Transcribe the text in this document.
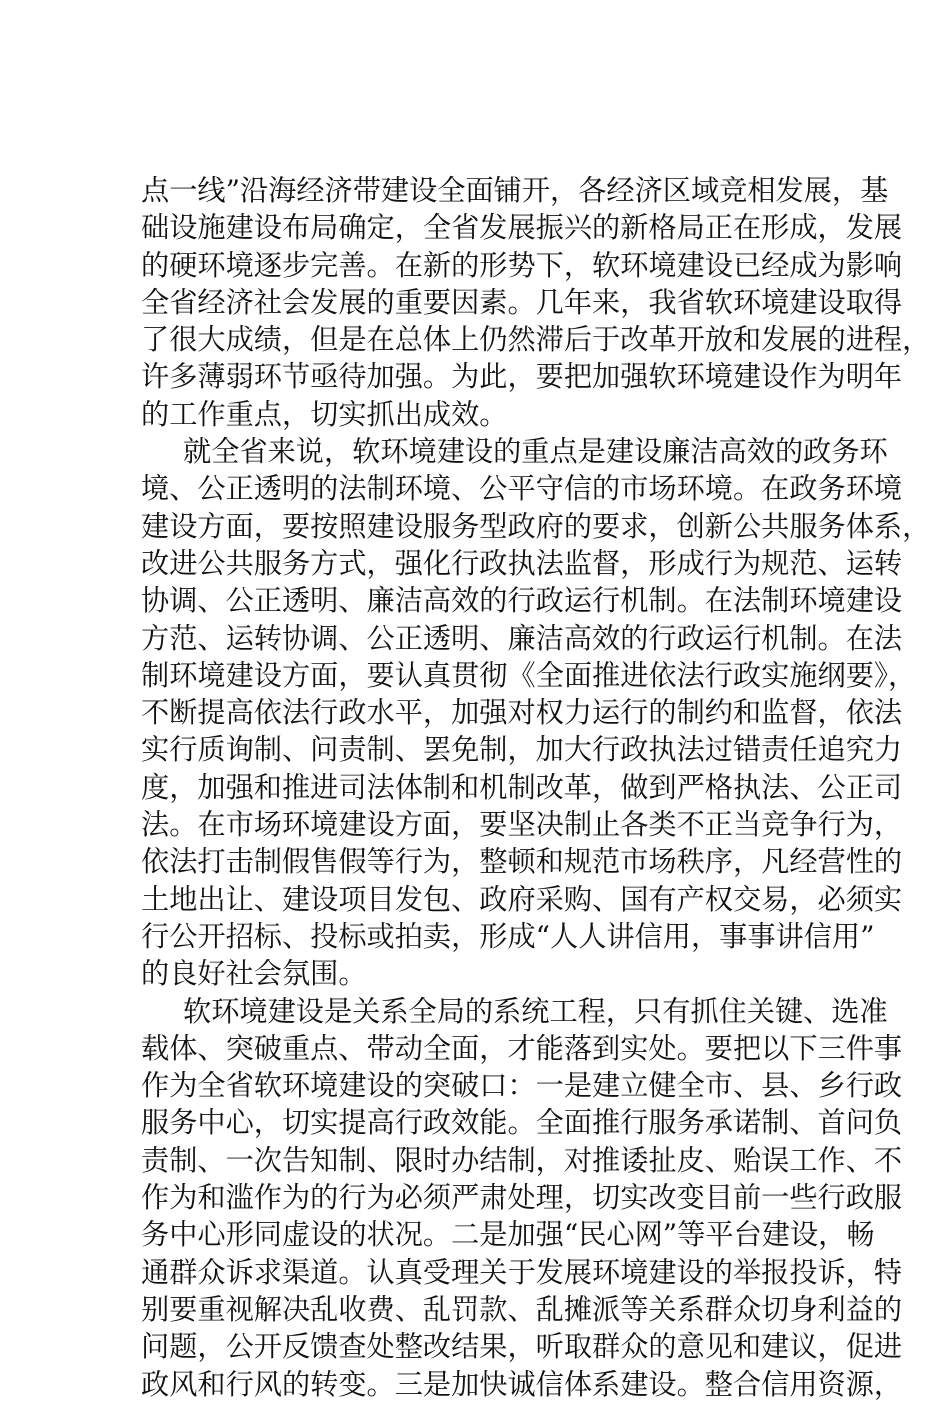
点一线”沿海经济带建设全面铺开，各经济区域竞相发展，基
础设施建设布局确定，全省发展振兴的新格局正在形成，发展
的硬环境逐步完善。在新的形势下，软环境建设已经成为影响
全省经济社会发展的重要因素。几年来，我省软环境建设取得
了很大成绩，但是在总体上仍然滞后于改革开放和发展的进程，
许多薄弱环节亟待加强。为此，要把加强软环境建设作为明年
的工作重点，切实抓出成效。
就全省来说，软环境建设的重点是建设廉洁高效的政务环
境、公正透明的法制环境、公平守信的市场环境。在政务环境
建设方面，要按照建设服务型政府的要求，创新公共服务体系，
改进公共服务方式，强化行政执法监督，形成行为规范、运转
协调、公正透明、廉洁高效的行政运行机制。在法制环境建设
方范、运转协调、公正透明、廉洁高效的行政运行机制。在法
制环境建设方面，要认真贯彻《全面推进依法行政实施纲要》，
不断提高依法行政水平，加强对权力运行的制约和监督，依法
实行质询制、问责制、罢免制，加大行政执法过错责任追究力
度，加强和推进司法体制和机制改革，做到严格执法、公正司
法。在市场环境建设方面，要坚决制止各类不正当竞争行为，
依法打击制假售假等行为，整顿和规范市场秩序，凡经营性的
土地出让、建设项目发包、政府采购、国有产权交易，必须实
行公开招标、投标或拍卖，形成“人人讲信用，事事讲信用”
的良好社会氛围。
软环境建设是关系全局的系统工程，只有抓住关键、选准
载体、突破重点、带动全面，才能落到实处。要把以下三件事
作为全省软环境建设的突破口：一是建立健全市、县、乡行政
服务中心，切实提高行政效能。全面推行服务承诺制、首问负
责制、一次告知制、限时办结制，对推诿扯皮、贻误工作、不
作为和滥作为的行为必须严肃处理，切实改变目前一些行政服
务中心形同虚设的状况。二是加强“民心网”等平台建设，畅
通群众诉求渠道。认真受理关于发展环境建设的举报投诉，特
别要重视解决乱收费、乱罚款、乱摊派等关系群众切身利益的
问题，公开反馈查处整改结果，听取群众的意见和建议，促进
政风和行风的转变。三是加快诚信体系建设。整合信用资源，
